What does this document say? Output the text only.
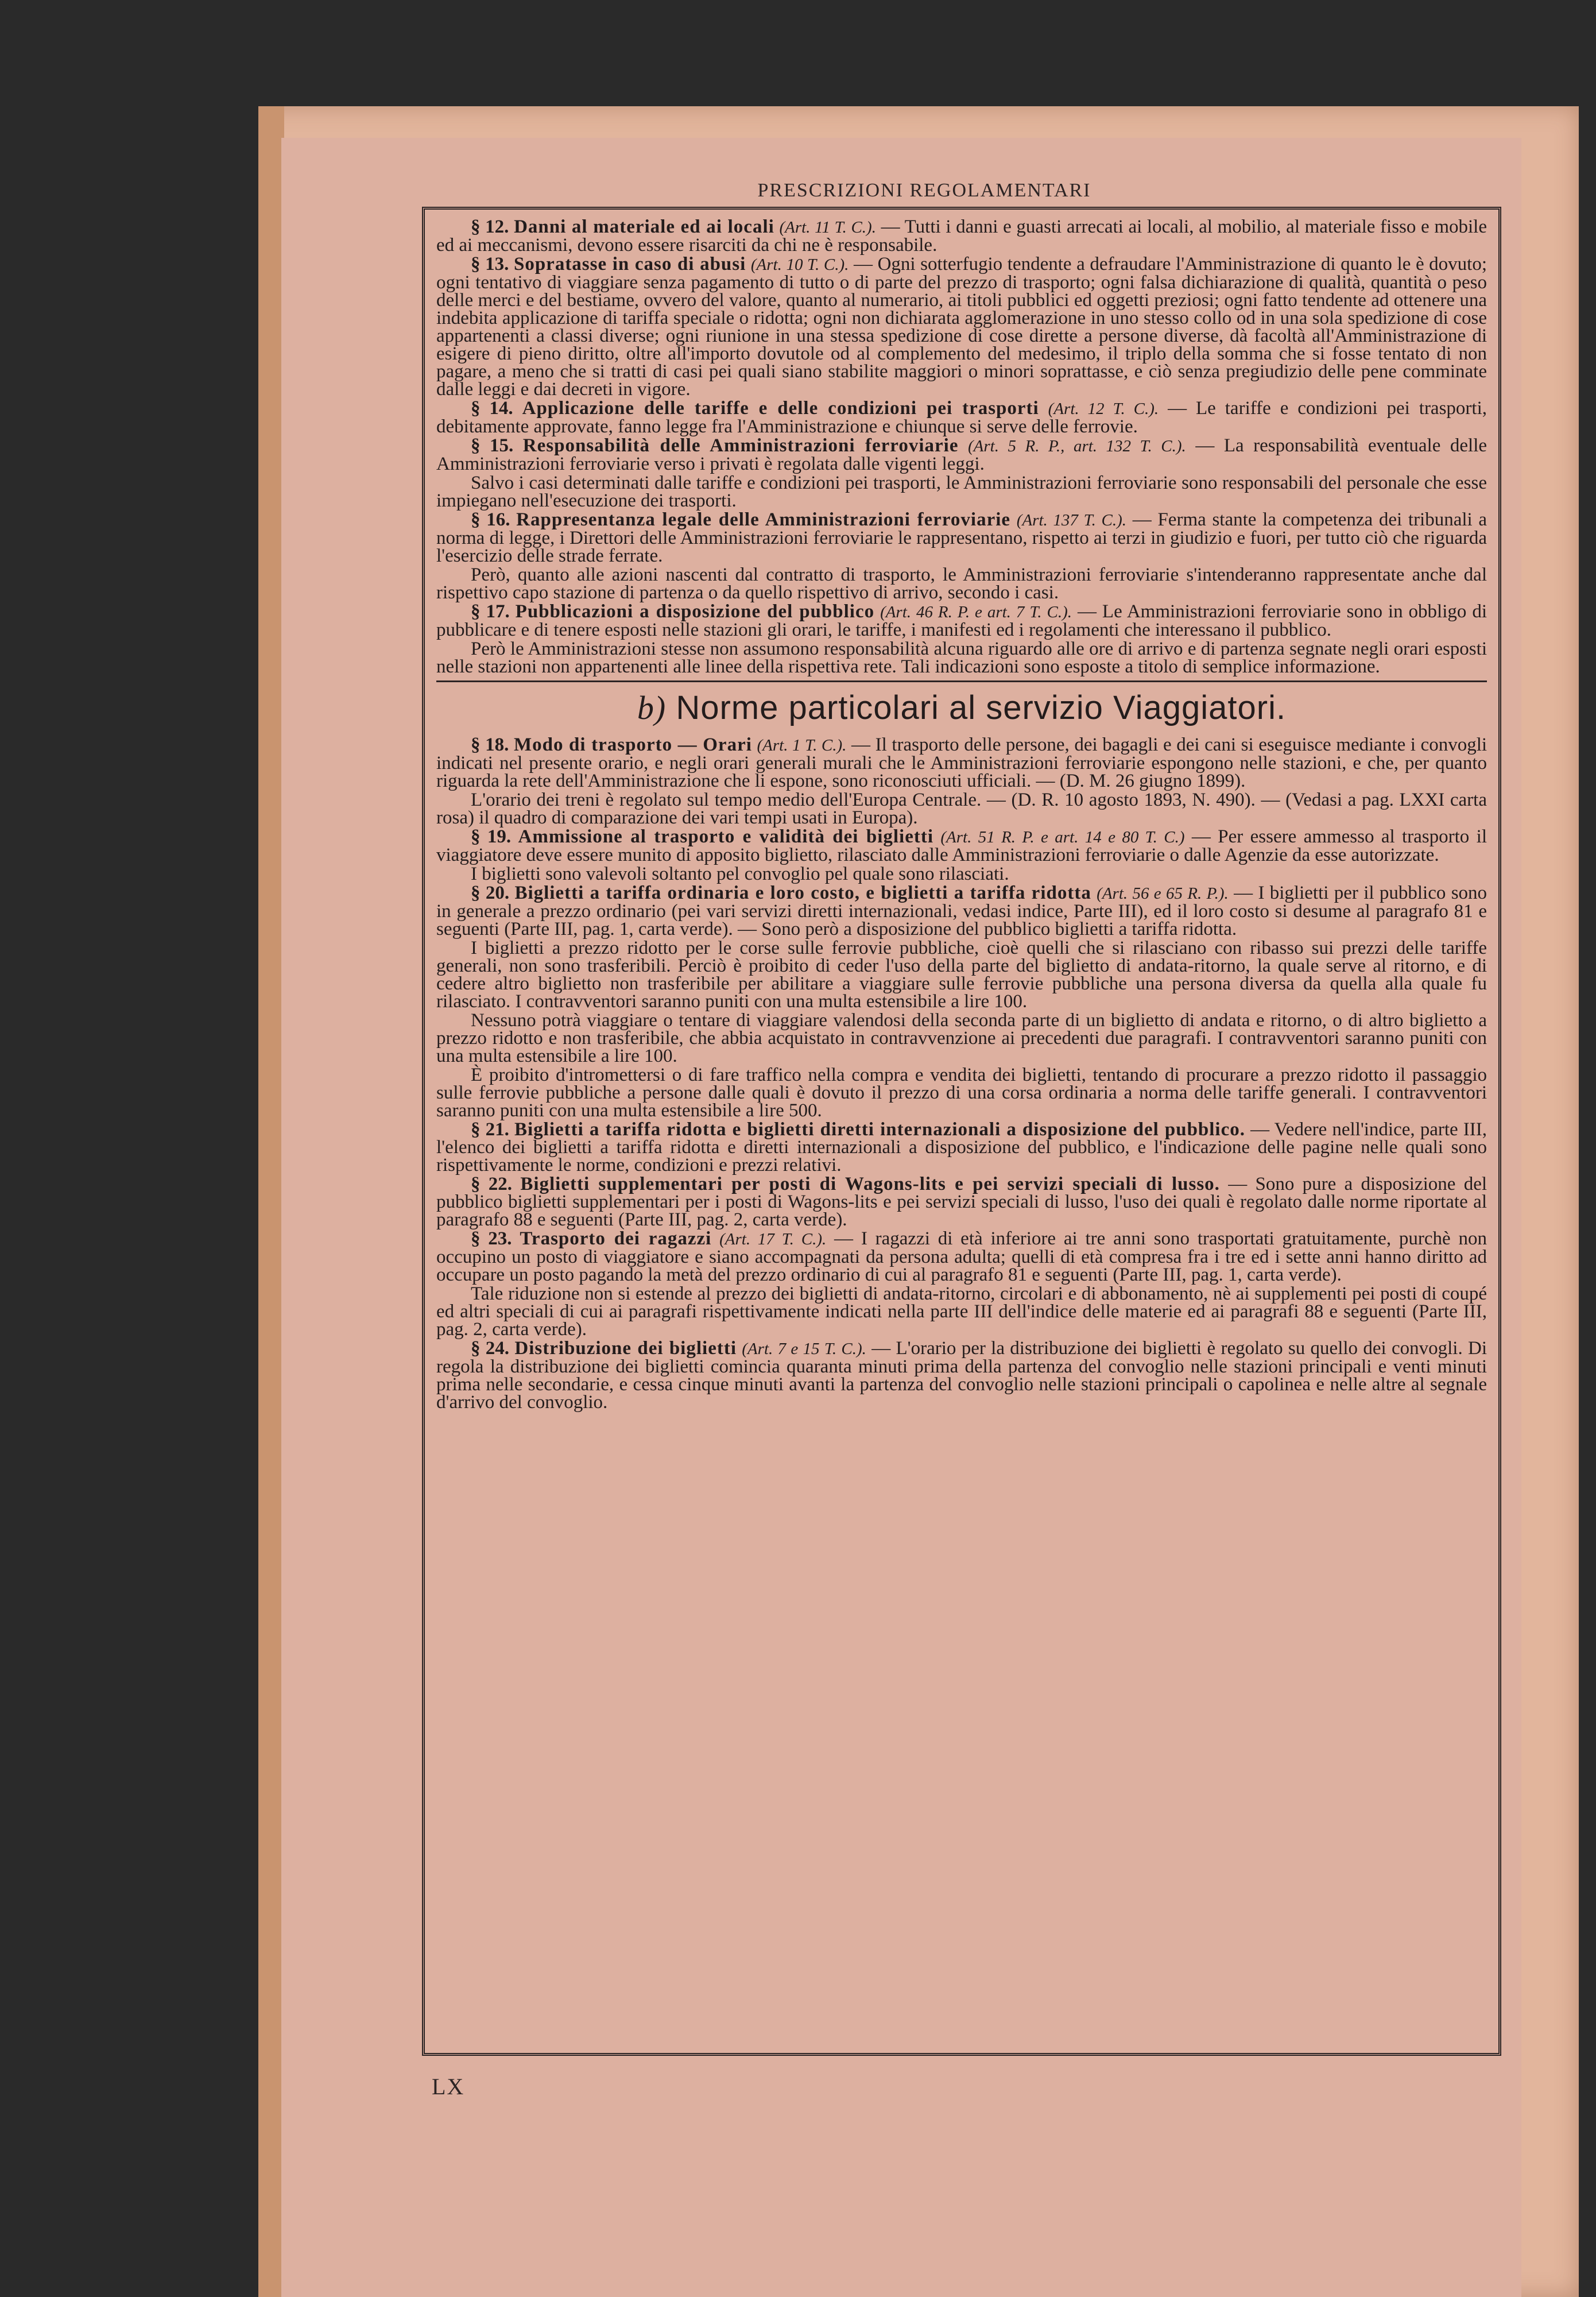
PRESCRIZIONI REGOLAMENTARI

§ 12. Danni al materiale ed ai locali (Art. 11 T. C.). — Tutti i danni e guasti arrecati ai locali, al mobilio, al materiale fisso e mobile ed ai meccanismi, devono essere risarciti da chi ne è responsabile.

§ 13. Sopratasse in caso di abusi (Art. 10 T. C.). — Ogni sotterfugio tendente a defraudare l'Amministrazione di quanto le è dovuto; ogni tentativo di viaggiare senza pagamento di tutto o di parte del prezzo di trasporto; ogni falsa dichiarazione di qualità, quantità o peso delle merci e del bestiame, ovvero del valore, quanto al numerario, ai titoli pubblici ed oggetti preziosi; ogni fatto tendente ad ottenere una indebita applicazione di tariffa speciale o ridotta; ogni non dichiarata agglomerazione in uno stesso collo od in una sola spedizione di cose appartenenti a classi diverse; ogni riunione in una stessa spedizione di cose dirette a persone diverse, dà facoltà all'Amministrazione di esigere di pieno diritto, oltre all'importo dovutole od al complemento del medesimo, il triplo della somma che si fosse tentato di non pagare, a meno che si tratti di casi pei quali siano stabilite maggiori o minori soprattasse, e ciò senza pregiudizio delle pene comminate dalle leggi e dai decreti in vigore.

§ 14. Applicazione delle tariffe e delle condizioni pei trasporti (Art. 12 T. C.). — Le tariffe e condizioni pei trasporti, debitamente approvate, fanno legge fra l'Amministrazione e chiunque si serve delle ferrovie.

§ 15. Responsabilità delle Amministrazioni ferroviarie (Art. 5 R. P., art. 132 T. C.). — La responsabilità eventuale delle Amministrazioni ferroviarie verso i privati è regolata dalle vigenti leggi.

Salvo i casi determinati dalle tariffe e condizioni pei trasporti, le Amministrazioni ferroviarie sono responsabili del personale che esse impiegano nell'esecuzione dei trasporti.

§ 16. Rappresentanza legale delle Amministrazioni ferroviarie (Art. 137 T. C.). — Ferma stante la competenza dei tribunali a norma di legge, i Direttori delle Amministrazioni ferroviarie le rappresentano, rispetto ai terzi in giudizio e fuori, per tutto ciò che riguarda l'esercizio delle strade ferrate.

Però, quanto alle azioni nascenti dal contratto di trasporto, le Amministrazioni ferroviarie s'intenderanno rappresentate anche dal rispettivo capo stazione di partenza o da quello rispettivo di arrivo, secondo i casi.

§ 17. Pubblicazioni a disposizione del pubblico (Art. 46 R. P. e art. 7 T. C.). — Le Amministrazioni ferroviarie sono in obbligo di pubblicare e di tenere esposti nelle stazioni gli orari, le tariffe, i manifesti ed i regolamenti che interessano il pubblico.

Però le Amministrazioni stesse non assumono responsabilità alcuna riguardo alle ore di arrivo e di partenza segnate negli orari esposti nelle stazioni non appartenenti alle linee della rispettiva rete. Tali indicazioni sono esposte a titolo di semplice informazione.

b) Norme particolari al servizio Viaggiatori.

§ 18. Modo di trasporto — Orari (Art. 1 T. C.). — Il trasporto delle persone, dei bagagli e dei cani si eseguisce mediante i convogli indicati nel presente orario, e negli orari generali murali che le Amministrazioni ferroviarie espongono nelle stazioni, e che, per quanto riguarda la rete dell'Amministrazione che li espone, sono riconosciuti ufficiali. — (D. M. 26 giugno 1899).

L'orario dei treni è regolato sul tempo medio dell'Europa Centrale. — (D. R. 10 agosto 1893, N. 490). — (Vedasi a pag. LXXI carta rosa) il quadro di comparazione dei vari tempi usati in Europa).

§ 19. Ammissione al trasporto e validità dei biglietti (Art. 51 R. P. e art. 14 e 80 T. C.) — Per essere ammesso al trasporto il viaggiatore deve essere munito di apposito biglietto, rilasciato dalle Amministrazioni ferroviarie o dalle Agenzie da esse autorizzate.

I biglietti sono valevoli soltanto pel convoglio pel quale sono rilasciati.

§ 20. Biglietti a tariffa ordinaria e loro costo, e biglietti a tariffa ridotta (Art. 56 e 65 R. P.). — I biglietti per il pubblico sono in generale a prezzo ordinario (pei vari servizi diretti internazionali, vedasi indice, Parte III), ed il loro costo si desume al paragrafo 81 e seguenti (Parte III, pag. 1, carta verde). — Sono però a disposizione del pubblico biglietti a tariffa ridotta.

I biglietti a prezzo ridotto per le corse sulle ferrovie pubbliche, cioè quelli che si rilasciano con ribasso sui prezzi delle tariffe generali, non sono trasferibili. Perciò è proibito di ceder l'uso della parte del biglietto di andata-ritorno, la quale serve al ritorno, e di cedere altro biglietto non trasferibile per abilitare a viaggiare sulle ferrovie pubbliche una persona diversa da quella alla quale fu rilasciato. I contravventori saranno puniti con una multa estensibile a lire 100.

Nessuno potrà viaggiare o tentare di viaggiare valendosi della seconda parte di un biglietto di andata e ritorno, o di altro biglietto a prezzo ridotto e non trasferibile, che abbia acquistato in contravvenzione ai precedenti due paragrafi. I contravventori saranno puniti con una multa estensibile a lire 100.

È proibito d'intromettersi o di fare traffico nella compra e vendita dei biglietti, tentando di procurare a prezzo ridotto il passaggio sulle ferrovie pubbliche a persone dalle quali è dovuto il prezzo di una corsa ordinaria a norma delle tariffe generali. I contravventori saranno puniti con una multa estensibile a lire 500.

§ 21. Biglietti a tariffa ridotta e biglietti diretti internazionali a disposizione del pubblico. — Vedere nell'indice, parte III, l'elenco dei biglietti a tariffa ridotta e diretti internazionali a disposizione del pubblico, e l'indicazione delle pagine nelle quali sono rispettivamente le norme, condizioni e prezzi relativi.

§ 22. Biglietti supplementari per posti di Wagons-lits e pei servizi speciali di lusso. — Sono pure a disposizione del pubblico biglietti supplementari per i posti di Wagons-lits e pei servizi speciali di lusso, l'uso dei quali è regolato dalle norme riportate al paragrafo 88 e seguenti (Parte III, pag. 2, carta verde).

§ 23. Trasporto dei ragazzi (Art. 17 T. C.). — I ragazzi di età inferiore ai tre anni sono trasportati gratuitamente, purchè non occupino un posto di viaggiatore e siano accompagnati da persona adulta; quelli di età compresa fra i tre ed i sette anni hanno diritto ad occupare un posto pagando la metà del prezzo ordinario di cui al paragrafo 81 e seguenti (Parte III, pag. 1, carta verde).

Tale riduzione non si estende al prezzo dei biglietti di andata-ritorno, circolari e di abbonamento, nè ai supplementi pei posti di coupé ed altri speciali di cui ai paragrafi rispettivamente indicati nella parte III dell'indice delle materie ed ai paragrafi 88 e seguenti (Parte III, pag. 2, carta verde).

§ 24. Distribuzione dei biglietti (Art. 7 e 15 T. C.). — L'orario per la distribuzione dei biglietti è regolato su quello dei convogli. Di regola la distribuzione dei biglietti comincia quaranta minuti prima della partenza del convoglio nelle stazioni principali e venti minuti prima nelle secondarie, e cessa cinque minuti avanti la partenza del convoglio nelle stazioni principali o capolinea e nelle altre al segnale d'arrivo del convoglio.

LX
